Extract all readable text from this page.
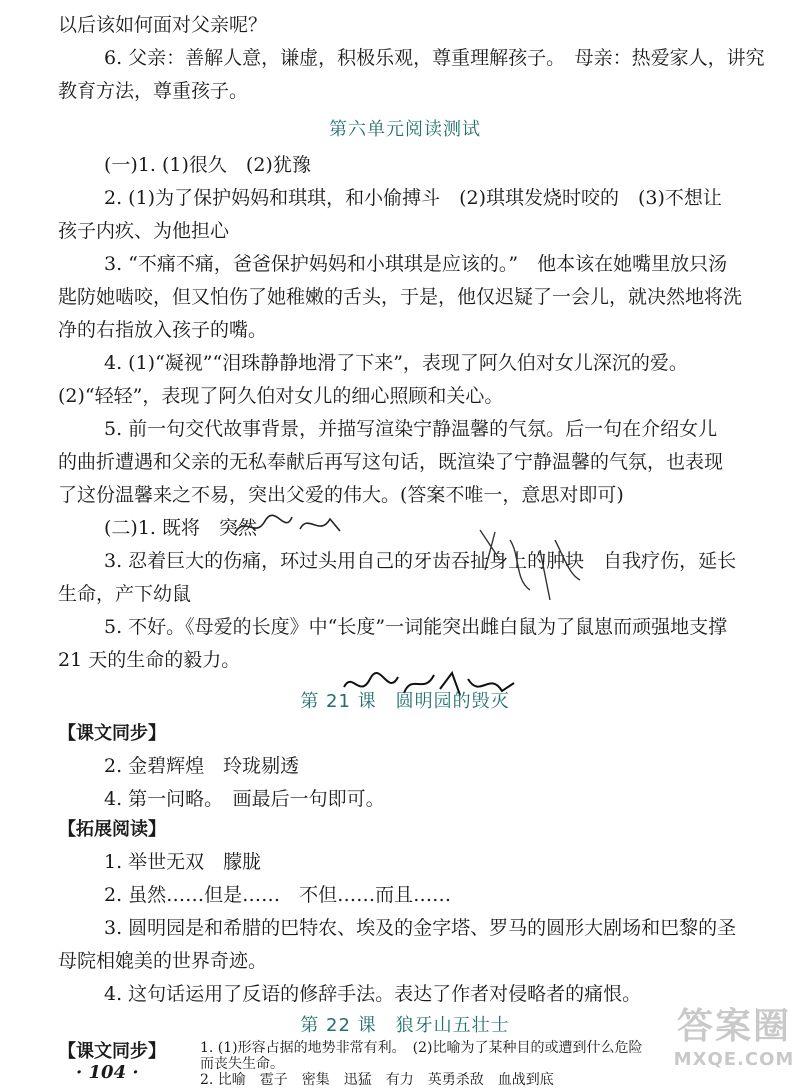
以后该如何面对父亲呢？
6. 父亲：善解人意，谦虚，积极乐观，尊重理解孩子。　母亲：热爱家人，讲究
教育方法，尊重孩子。
第六单元阅读测试
(一)1. (1)很久　(2)犹豫
2. (1)为了保护妈妈和琪琪，和小偷搏斗　(2)琪琪发烧时咬的　(3)不想让
孩子内疚、为他担心
3. “不痛不痛，爸爸保护妈妈和小琪琪是应该的。”　他本该在她嘴里放只汤
匙防她啮咬，但又怕伤了她稚嫩的舌头，于是，他仅迟疑了一会儿，就决然地将洗
净的右指放入孩子的嘴。
4. (1)“凝视”“泪珠静静地滑了下来”，表现了阿久伯对女儿深沉的爱。
(2)“轻轻”，表现了阿久伯对女儿的细心照顾和关心。
5. 前一句交代故事背景，并描写渲染宁静温馨的气氛。后一句在介绍女儿
的曲折遭遇和父亲的无私奉献后再写这句话，既渲染了宁静温馨的气氛，也表现
了这份温馨来之不易，突出父爱的伟大。(答案不唯一，意思对即可)
(二)1. 既将　突然
3. 忍着巨大的伤痛，环过头用自己的牙齿吞扯身上的肿块　自我疗伤，延长
生命，产下幼鼠
5. 不好。《母爱的长度》中“长度”一词能突出雌白鼠为了鼠崽而顽强地支撑
21 天的生命的毅力。
第 21 课　圆明园的毁灭
【课文同步】
2. 金碧辉煌　玲珑剔透
4. 第一问略。　画最后一句即可。
【拓展阅读】
1. 举世无双　朦胧
2. 虽然……但是……　不但……而且……
3. 圆明园是和希腊的巴特农、埃及的金字塔、罗马的圆形大剧场和巴黎的圣
母院相媲美的世界奇迹。
4. 这句话运用了反语的修辞手法。表达了作者对侵略者的痛恨。
第 22 课　狼牙山五壮士
【课文同步】 1. (1)形容占据的地势非常有利。　(2)比喻为了某种目的或遭到什么危险
而丧失生命。
2. 比喻　雹子　密集　迅猛　有力　英勇杀敌　血战到底
· 104 ·
答案圈
MXQE.COM
